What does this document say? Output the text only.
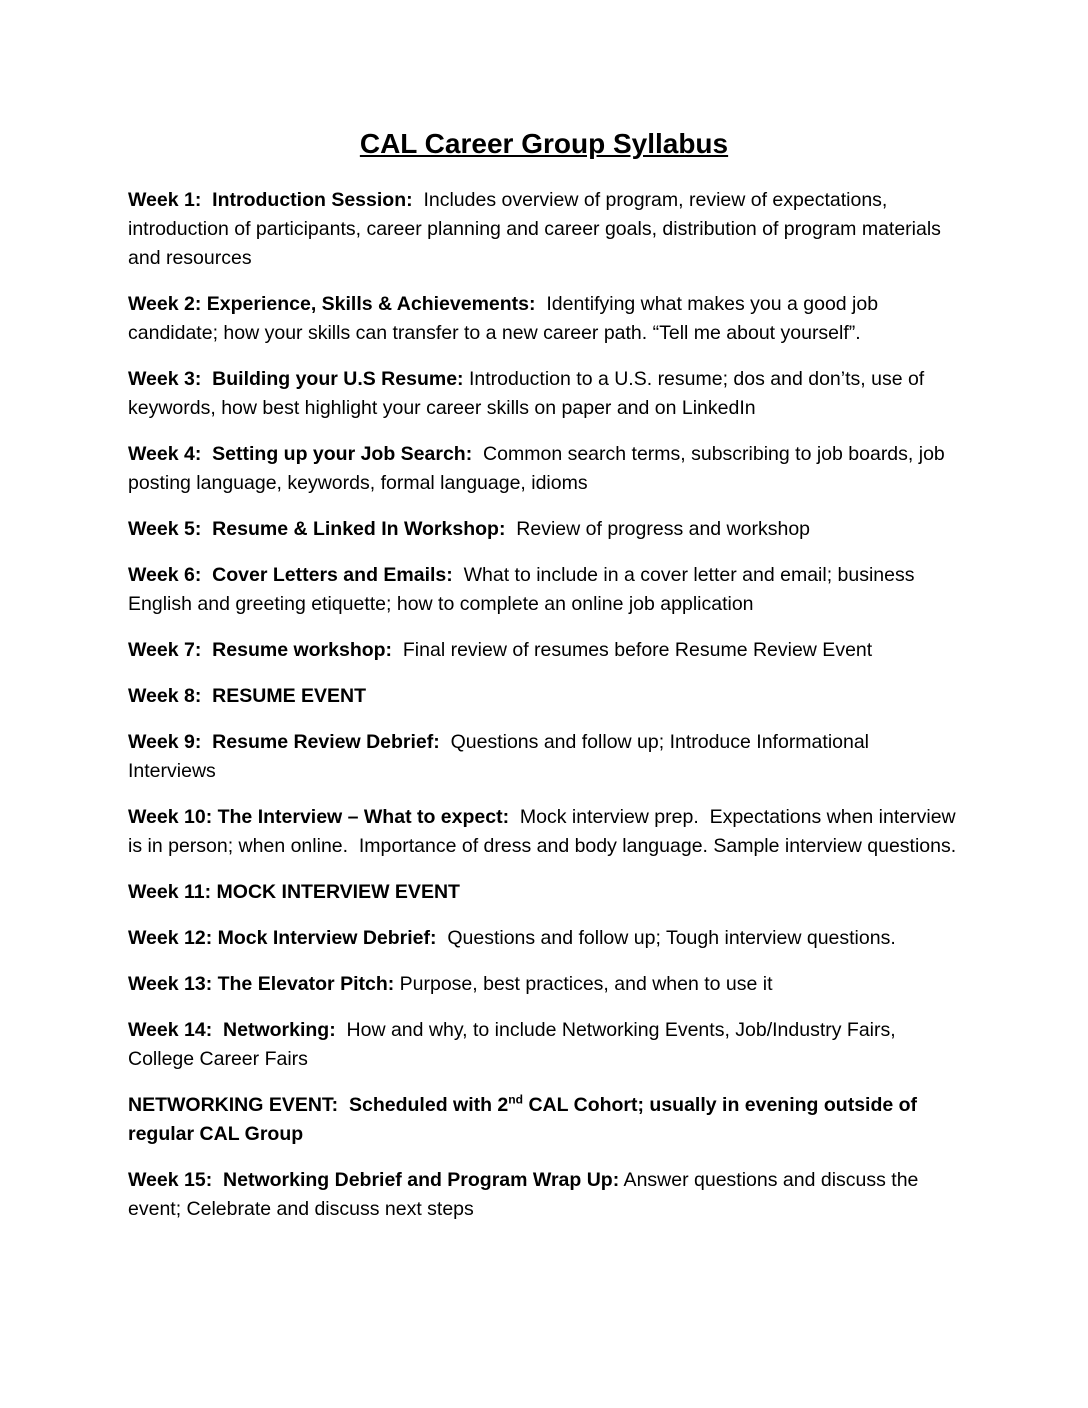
CAL Career Group Syllabus

Week 1:  Introduction Session:  Includes overview of program, review of expectations, introduction of participants, career planning and career goals, distribution of program materials and resources

Week 2: Experience, Skills & Achievements:  Identifying what makes you a good job candidate; how your skills can transfer to a new career path. “Tell me about yourself”.

Week 3:  Building your U.S Resume: Introduction to a U.S. resume; dos and don’ts, use of keywords, how best highlight your career skills on paper and on LinkedIn

Week 4:  Setting up your Job Search:  Common search terms, subscribing to job boards, job posting language, keywords, formal language, idioms

Week 5:  Resume & Linked In Workshop:  Review of progress and workshop

Week 6:  Cover Letters and Emails:  What to include in a cover letter and email; business English and greeting etiquette; how to complete an online job application

Week 7:  Resume workshop:  Final review of resumes before Resume Review Event

Week 8:  RESUME EVENT

Week 9:  Resume Review Debrief:  Questions and follow up; Introduce Informational Interviews

Week 10: The Interview – What to expect:  Mock interview prep.  Expectations when interview is in person; when online.  Importance of dress and body language. Sample interview questions.

Week 11: MOCK INTERVIEW EVENT

Week 12: Mock Interview Debrief:  Questions and follow up; Tough interview questions.

Week 13: The Elevator Pitch: Purpose, best practices, and when to use it

Week 14:  Networking:  How and why, to include Networking Events, Job/Industry Fairs, College Career Fairs

NETWORKING EVENT:  Scheduled with 2nd CAL Cohort; usually in evening outside of regular CAL Group

Week 15:  Networking Debrief and Program Wrap Up: Answer questions and discuss the event; Celebrate and discuss next steps
